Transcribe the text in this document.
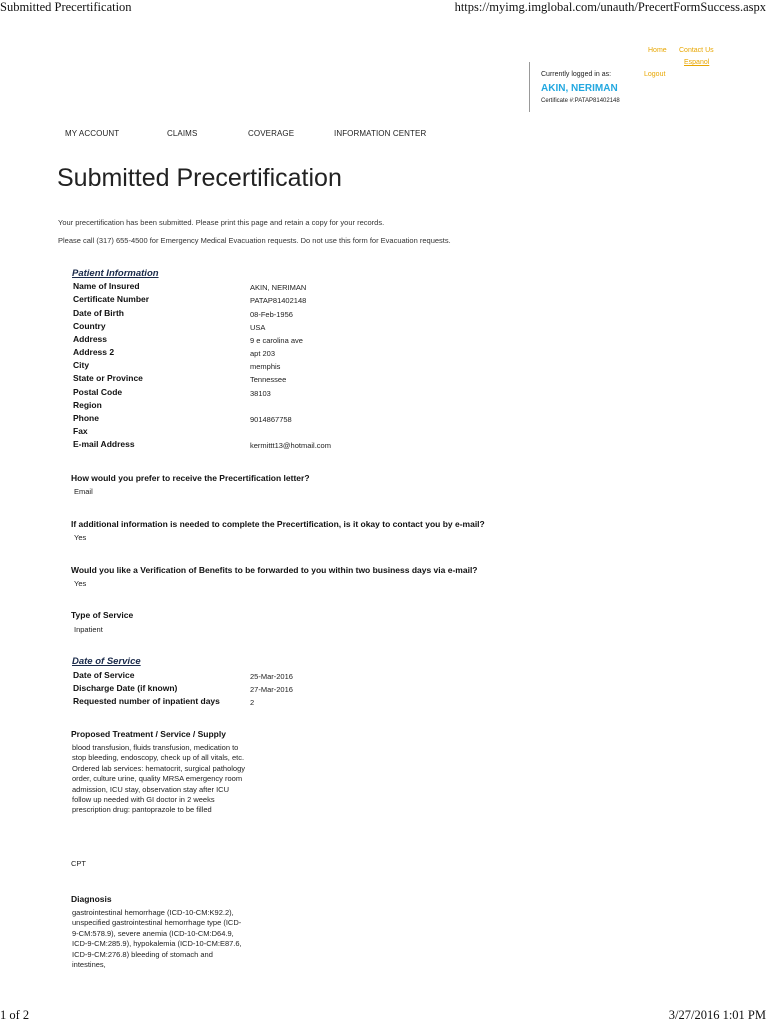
Submitted Precertification	https://myimg.imglobal.com/unauth/PrecertFormSuccess.aspx
Home Contact Us
Espanol
Logout
Currently logged in as:
AKIN, NERIMAN
Certificate #:PATAP81402148
MY ACCOUNT	CLAIMS	COVERAGE	INFORMATION CENTER
Submitted Precertification
Your precertification has been submitted. Please print this page and retain a copy for your records.
Please call (317) 655-4500 for Emergency Medical Evacuation requests. Do not use this form for Evacuation requests.
Patient Information
Name of Insured	AKIN, NERIMAN
Certificate Number	PATAP81402148
Date of Birth	08-Feb-1956
Country	USA
Address	9 e carolina ave
Address 2	apt 203
City	memphis
State or Province	Tennessee
Postal Code	38103
Region
Phone	9014867758
Fax
E-mail Address	kermittt13@hotmail.com
How would you prefer to receive the Precertification letter?
Email
If additional information is needed to complete the Precertification, is it okay to contact you by e-mail?
Yes
Would you like a Verification of Benefits to be forwarded to you within two business days via e-mail?
Yes
Type of Service
Inpatient
Date of Service
Date of Service	25-Mar-2016
Discharge Date (if known)	27-Mar-2016
Requested number of inpatient days	2
Proposed Treatment / Service / Supply
blood transfusion, fluids transfusion, medication to stop bleeding, endoscopy, check up of all vitals, etc. Ordered lab services: hematocrit, surgical pathology order, culture urine, quality MRSA emergency room admission, ICU stay, observation stay after ICU follow up needed with GI doctor in 2 weeks prescription drug: pantoprazole to be filled
CPT
Diagnosis
gastrointestinal hemorrhage (ICD-10-CM:K92.2), unspecified gastrointestinal hemorrhage type (ICD-9-CM:578.9), severe anemia (ICD-10-CM:D64.9, ICD-9-CM:285.9), hypokalemia (ICD-10-CM:E87.6, ICD-9-CM:276.8) bleeding of stomach and intestines,
1 of 2	3/27/2016 1:01 PM
